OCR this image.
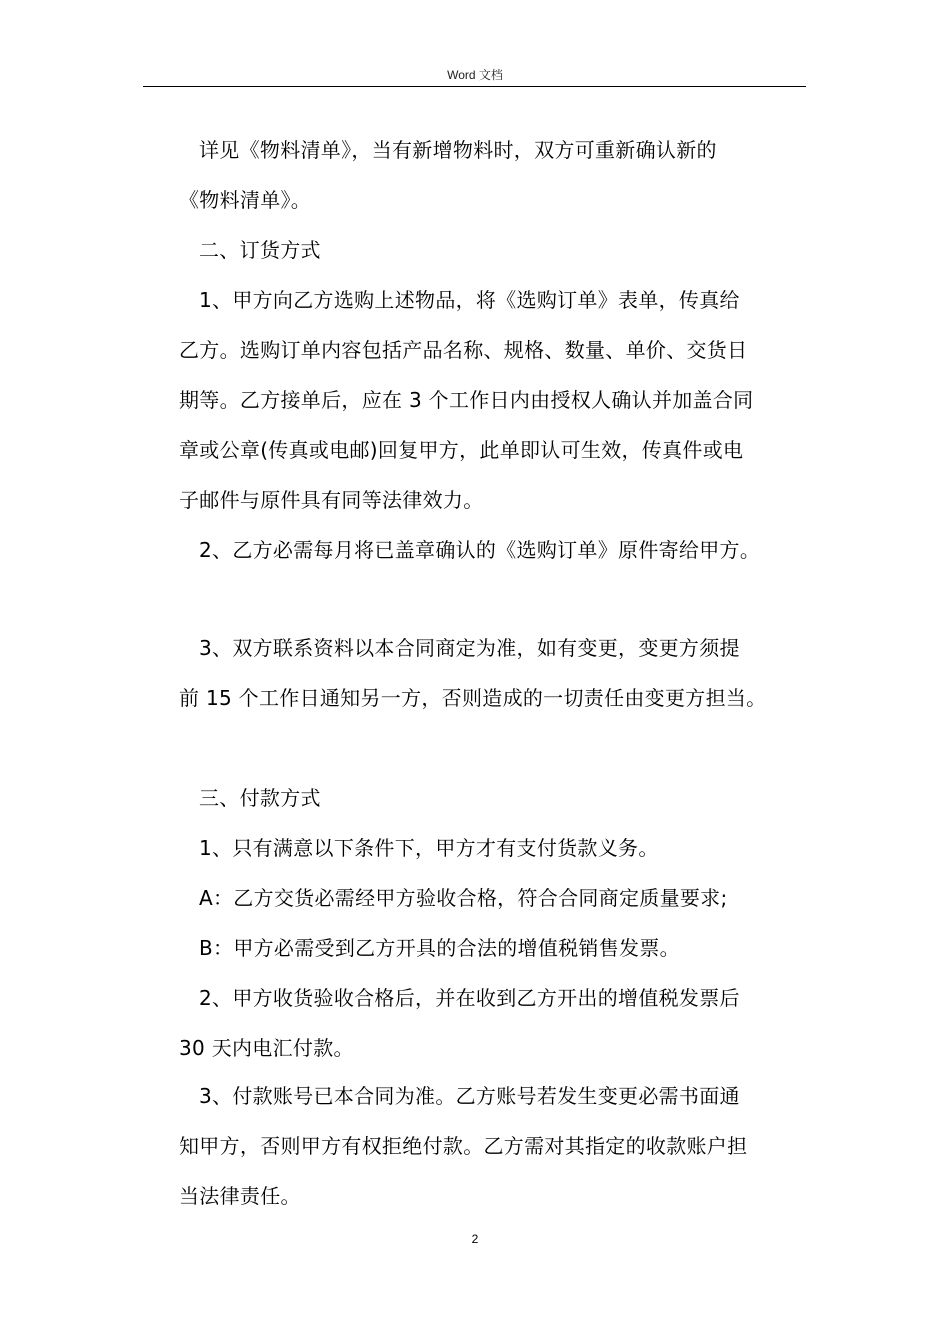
Word 文档
详见《物料清单》，当有新增物料时，双方可重新确认新的
《物料清单》。
二、订货方式
1、甲方向乙方选购上述物品，将《选购订单》表单，传真给
乙方。选购订单内容包括产品名称、规格、数量、单价、交货日
期等。乙方接单后，应在 3 个工作日内由授权人确认并加盖合同
章或公章(传真或电邮)回复甲方，此单即认可生效，传真件或电
子邮件与原件具有同等法律效力。
2、乙方必需每月将已盖章确认的《选购订单》原件寄给甲方。
3、双方联系资料以本合同商定为准，如有变更，变更方须提
前 15 个工作日通知另一方，否则造成的一切责任由变更方担当。
三、付款方式
1、只有满意以下条件下，甲方才有支付货款义务。
A：乙方交货必需经甲方验收合格，符合合同商定质量要求;
B：甲方必需受到乙方开具的合法的增值税销售发票。
2、甲方收货验收合格后，并在收到乙方开出的增值税发票后
30 天内电汇付款。
3、付款账号已本合同为准。乙方账号若发生变更必需书面通
知甲方，否则甲方有权拒绝付款。乙方需对其指定的收款账户担
当法律责任。
2
